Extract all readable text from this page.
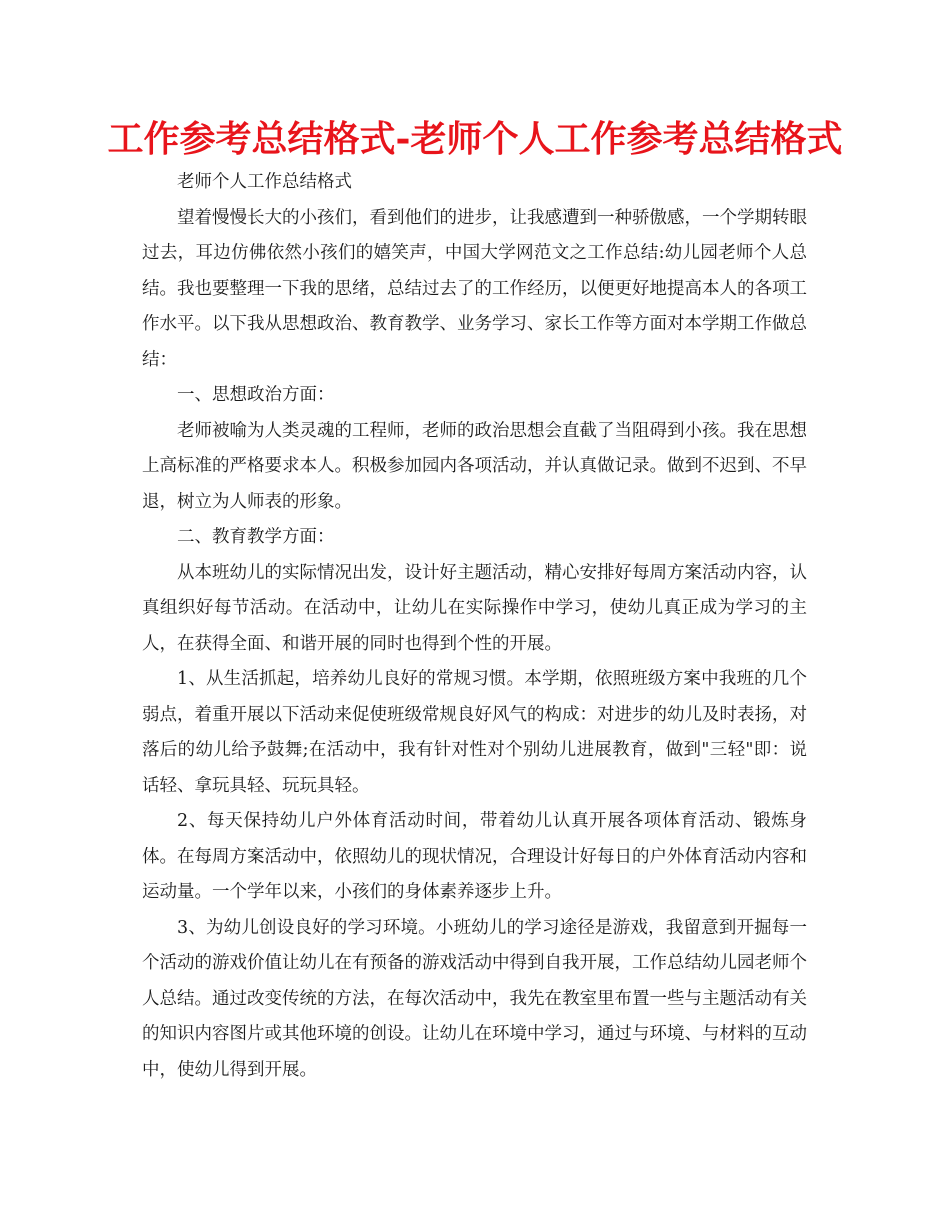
工作参考总结格式-老师个人工作参考总结格式

老师个人工作总结格式

望着慢慢长大的小孩们，看到他们的进步，让我感遭到一种骄傲感，一个学期转眼过去，耳边仿佛依然小孩们的嬉笑声，中国大学网范文之工作总结:幼儿园老师个人总结。我也要整理一下我的思绪，总结过去了的工作经历，以便更好地提高本人的各项工作水平。以下我从思想政治、教育教学、业务学习、家长工作等方面对本学期工作做总结：

一、思想政治方面：

老师被喻为人类灵魂的工程师，老师的政治思想会直截了当阻碍到小孩。我在思想上高标准的严格要求本人。积极参加园内各项活动，并认真做记录。做到不迟到、不早退，树立为人师表的形象。

二、教育教学方面：

从本班幼儿的实际情况出发，设计好主题活动，精心安排好每周方案活动内容，认真组织好每节活动。在活动中，让幼儿在实际操作中学习，使幼儿真正成为学习的主人，在获得全面、和谐开展的同时也得到个性的开展。

1、从生活抓起，培养幼儿良好的常规习惯。本学期，依照班级方案中我班的几个弱点，着重开展以下活动来促使班级常规良好风气的构成：对进步的幼儿及时表扬，对落后的幼儿给予鼓舞;在活动中，我有针对性对个别幼儿进展教育，做到"三轻"即：说话轻、拿玩具轻、玩玩具轻。

2、每天保持幼儿户外体育活动时间，带着幼儿认真开展各项体育活动、锻炼身体。在每周方案活动中，依照幼儿的现状情况，合理设计好每日的户外体育活动内容和运动量。一个学年以来，小孩们的身体素养逐步上升。

3、为幼儿创设良好的学习环境。小班幼儿的学习途径是游戏，我留意到开掘每一个活动的游戏价值让幼儿在有预备的游戏活动中得到自我开展，工作总结幼儿园老师个人总结。通过改变传统的方法，在每次活动中，我先在教室里布置一些与主题活动有关的知识内容图片或其他环境的创设。让幼儿在环境中学习，通过与环境、与材料的互动中，使幼儿得到开展。
